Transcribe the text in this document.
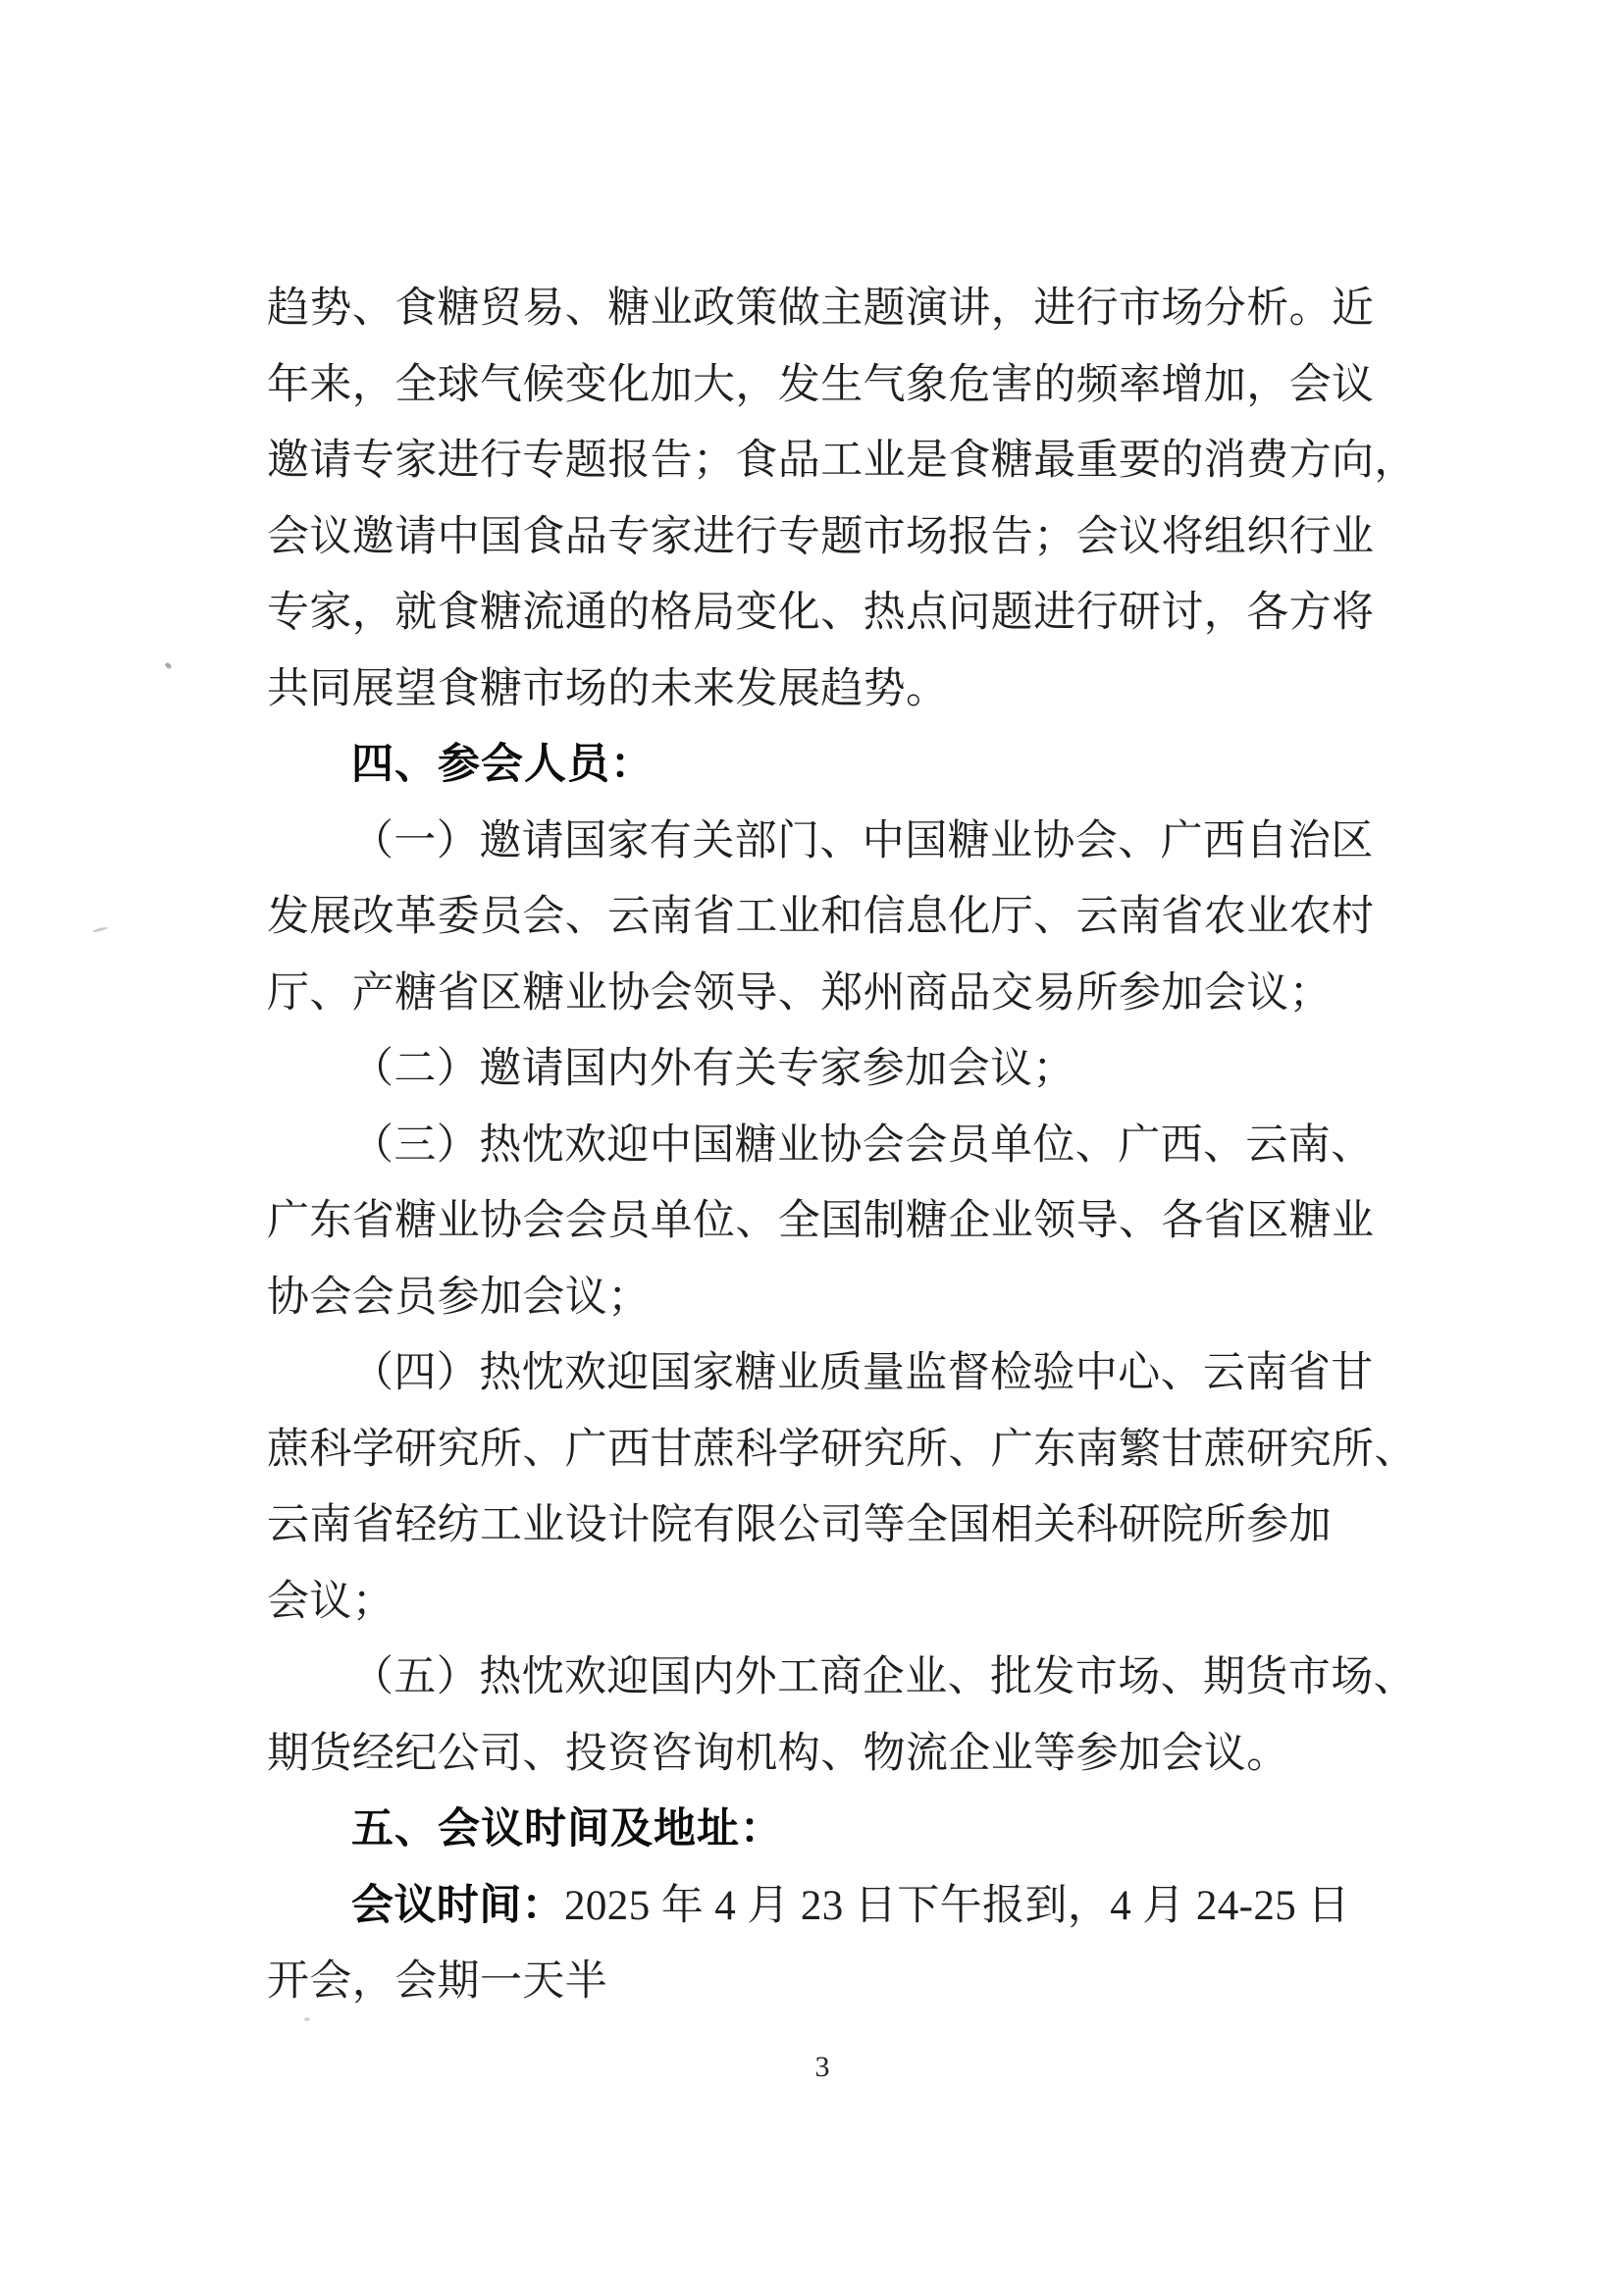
趋势、食糖贸易、糖业政策做主题演讲，进行市场分析。近
年来，全球气候变化加大，发生气象危害的频率增加，会议
邀请专家进行专题报告；食品工业是食糖最重要的消费方向，
会议邀请中国食品专家进行专题市场报告；会议将组织行业
专家，就食糖流通的格局变化、热点问题进行研讨，各方将
共同展望食糖市场的未来发展趋势。
四、参会人员：
（一）邀请国家有关部门、中国糖业协会、广西自治区
发展改革委员会、云南省工业和信息化厅、云南省农业农村
厅、产糖省区糖业协会领导、郑州商品交易所参加会议；
（二）邀请国内外有关专家参加会议；
（三）热忱欢迎中国糖业协会会员单位、广西、云南、
广东省糖业协会会员单位、全国制糖企业领导、各省区糖业
协会会员参加会议；
（四）热忱欢迎国家糖业质量监督检验中心、云南省甘
蔗科学研究所、广西甘蔗科学研究所、广东南繁甘蔗研究所、
云南省轻纺工业设计院有限公司等全国相关科研院所参加
会议；
（五）热忱欢迎国内外工商企业、批发市场、期货市场、
期货经纪公司、投资咨询机构、物流企业等参加会议。
五、会议时间及地址：
会议时间：2025 年 4 月 23 日下午报到，4 月 24-25 日
开会，会期一天半
3
